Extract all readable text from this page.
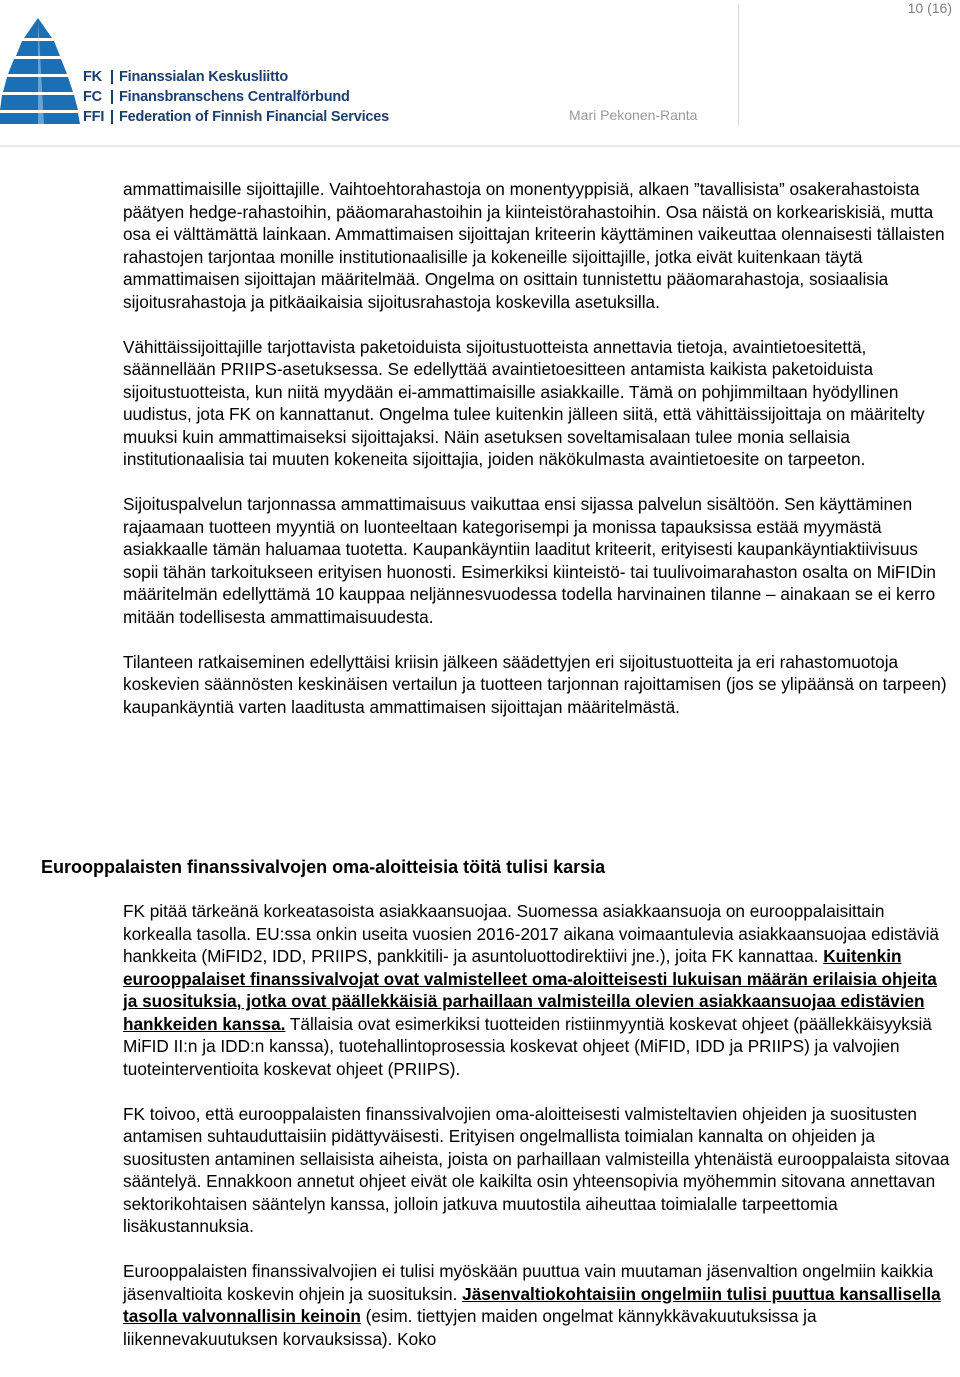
10 (16)
FK	Finanssialan Keskusliitto
FC	Finansbranschens Centralförbund
FFI	Federation of Finnish Financial Services	Mari Pekonen-Ranta

ammattimaisille sijoittajille. Vaihtoehtorahastoja on monentyyppisiä, alkaen ”tavallisista” osakerahastoista päätyen hedge-rahastoihin, pääomarahastoihin ja kiinteistörahastoihin. Osa näistä on korkeariskisiä, mutta osa ei välttämättä lainkaan. Ammattimaisen sijoittajan kriteerin käyttäminen vaikeuttaa olennaisesti tällaisten rahastojen tarjontaa monille institutionaalisille ja kokeneille sijoittajille, jotka eivät kuitenkaan täytä ammattimaisen sijoittajan määritelmää. Ongelma on osittain tunnistettu pääomarahastoja, sosiaalisia sijoitusrahastoja ja pitkäaikaisia sijoitusrahastoja koskevilla asetuksilla.

Vähittäissijoittajille tarjottavista paketoiduista sijoitustuotteista annettavia tietoja, avaintietoesitettä, säännellään PRIIPS-asetuksessa. Se edellyttää avaintietoesitteen antamista kaikista paketoiduista sijoitustuotteista, kun niitä myydään ei-ammattimaisille asiakkaille. Tämä on pohjimmiltaan hyödyllinen uudistus, jota FK on kannattanut. Ongelma tulee kuitenkin jälleen siitä, että vähittäissijoittaja on määritelty muuksi kuin ammattimaiseksi sijoittajaksi. Näin asetuksen soveltamisalaan tulee monia sellaisia institutionaalisia tai muuten kokeneita sijoittajia, joiden näkökulmasta avaintietoesite on tarpeeton.

Sijoituspalvelun tarjonnassa ammattimaisuus vaikuttaa ensi sijassa palvelun sisältöön. Sen käyttäminen rajaamaan tuotteen myyntiä on luonteeltaan kategorisempi ja monissa tapauksissa estää myymästä asiakkaalle tämän haluamaa tuotetta. Kaupankäyntiin laaditut kriteerit, erityisesti kaupankäyntiaktiivisuus sopii tähän tarkoitukseen erityisen huonosti. Esimerkiksi kiinteistö- tai tuulivoimarahaston osalta on MiFIDin määritelmän edellyttämä 10 kauppaa neljännesvuodessa todella harvinainen tilanne – ainakaan se ei kerro mitään todellisesta ammattimaisuudesta.

Tilanteen ratkaiseminen edellyttäisi kriisin jälkeen säädettyjen eri sijoitustuotteita ja eri rahastomuotoja koskevien säännösten keskinäisen vertailun ja tuotteen tarjonnan rajoittamisen (jos se ylipäänsä on tarpeen) kaupankäyntiä varten laaditusta ammattimaisen sijoittajan määritelmästä.

Eurooppalaisten finanssivalvojen oma-aloitteisia töitä tulisi karsia

FK pitää tärkeänä korkeatasoista asiakkaansuojaa. Suomessa asiakkaansuoja on eurooppalaisittain korkealla tasolla. EU:ssa onkin useita vuosien 2016-2017 aikana voimaantulevia asiakkaansuojaa edistäviä hankkeita (MiFID2, IDD, PRIIPS, pankkitili- ja asuntoluottodirektiivi jne.), joita FK kannattaa. Kuitenkin eurooppalaiset finanssivalvojat ovat valmistelleet oma-aloitteisesti lukuisan määrän erilaisia ohjeita ja suosituksia, jotka ovat päällekkäisiä parhaillaan valmisteilla olevien asiakkaansuojaa edistävien hankkeiden kanssa. Tällaisia ovat esimerkiksi tuotteiden ristiinmyyntiä koskevat ohjeet (päällekkäisyyksiä MiFID II:n ja IDD:n kanssa), tuotehallintoprosessia koskevat ohjeet (MiFID, IDD ja PRIIPS) ja valvojien tuoteinterventioita koskevat ohjeet (PRIIPS).

FK toivoo, että eurooppalaisten finanssivalvojien oma-aloitteisesti valmisteltavien ohjeiden ja suositusten antamisen suhtauduttaisiin pidättyväisesti. Erityisen ongelmallista toimialan kannalta on ohjeiden ja suositusten antaminen sellaisista aiheista, joista on parhaillaan valmisteilla yhtenäistä eurooppalaista sitovaa sääntelyä. Ennakkoon annetut ohjeet eivät ole kaikilta osin yhteensopivia myöhemmin sitovana annettavan sektorikohtaisen sääntelyn kanssa, jolloin jatkuva muutostila aiheuttaa toimialalle tarpeettomia lisäkustannuksia.

Eurooppalaisten finanssivalvojien ei tulisi myöskään puuttua vain muutaman jäsenvaltion ongelmiin kaikkia jäsenvaltioita koskevin ohjein ja suosituksin. Jäsenvaltiokohtaisiin ongelmiin tulisi puuttua kansallisella tasolla valvonnallisin keinoin (esim. tiettyjen maiden ongelmat kännykkävakuutuksissa ja liikennevakuutuksen korvauksissa). Koko
